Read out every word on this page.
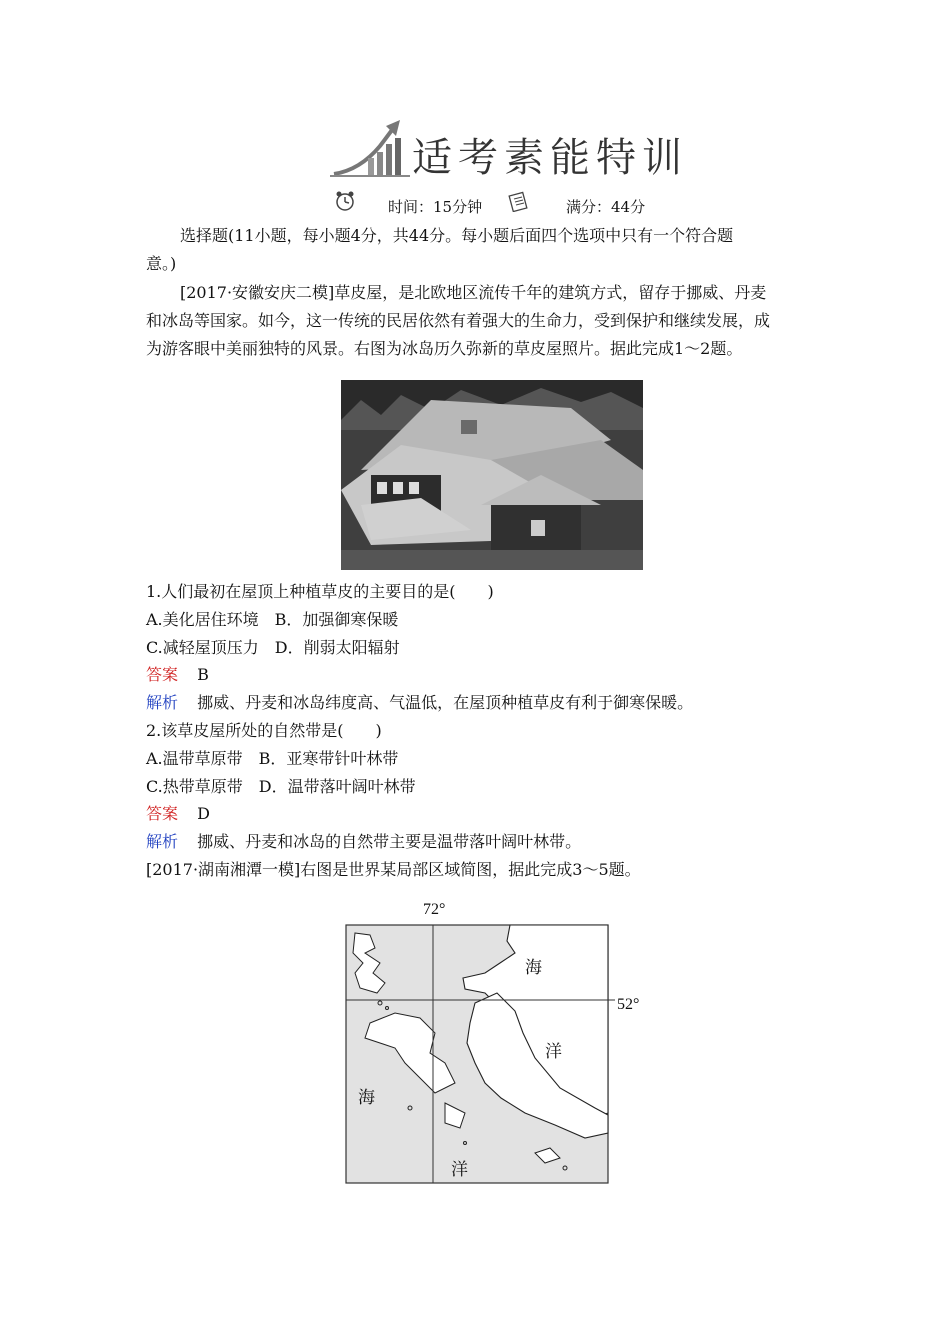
适考素能特训
时间：15分钟	满分：44分
选择题(11小题，每小题4分，共44分。每小题后面四个选项中只有一个符合题
意。)
[2017·安徽安庆二模]草皮屋，是北欧地区流传千年的建筑方式，留存于挪威、丹麦
和冰岛等国家。如今，这一传统的民居依然有着强大的生命力，受到保护和继续发展，成
为游客眼中美丽独特的风景。右图为冰岛历久弥新的草皮屋照片。据此完成1～2题。
1.人们最初在屋顶上种植草皮的主要目的是(　　)
A.美化居住环境　B．加强御寒保暖
C.减轻屋顶压力　D．削弱太阳辐射
答案 B
解析 挪威、丹麦和冰岛纬度高、气温低，在屋顶种植草皮有利于御寒保暖。
2.该草皮屋所处的自然带是(　　)
A.温带草原带　B．亚寒带针叶林带
C.热带草原带　D．温带落叶阔叶林带
答案 D
解析 挪威、丹麦和冰岛的自然带主要是温带落叶阔叶林带。
[2017·湖南湘潭一模]右图是世界某局部区域简图，据此完成3～5题。
72°
52°
海
洋
海
洋
